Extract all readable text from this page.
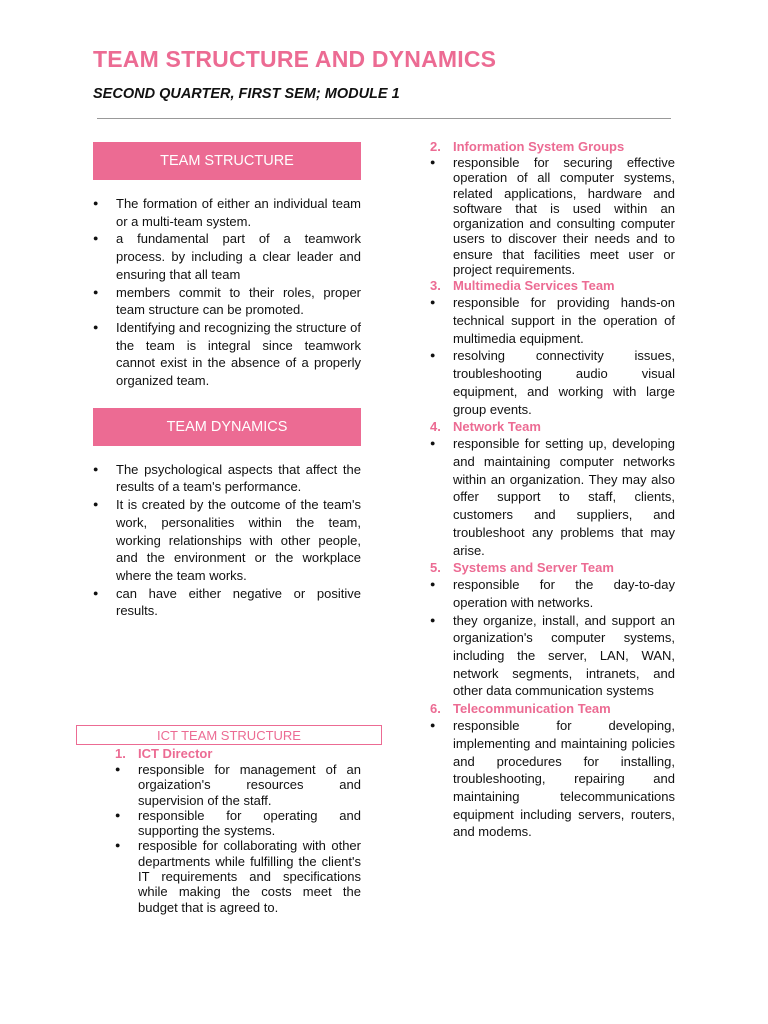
TEAM STRUCTURE AND DYNAMICS

SECOND QUARTER, FIRST SEM; MODULE 1

TEAM STRUCTURE
● The formation of either an individual team or a multi-team system.
● a fundamental part of a teamwork process. by including a clear leader and ensuring that all team
● members commit to their roles, proper team structure can be promoted.
● Identifying and recognizing the structure of the team is integral since teamwork cannot exist in the absence of a properly organized team.
TEAM DYNAMICS
● The psychological aspects that affect the results of a team's performance.
● It is created by the outcome of the team's work, personalities within the team, working relationships with other people, and the environment or the workplace where the team works.
● can have either negative or positive results.
ICT TEAM STRUCTURE
1. ICT Director
● responsible for management of an orgaization's resources and supervision of the staff.
● responsible for operating and supporting the systems.
● resposible for collaborating with other departments while fulfilling the client's IT requirements and specifications while making the costs meet the budget that is agreed to.
2. Information System Groups
● responsible for securing effective operation of all computer systems, related applications, hardware and software that is used within an organization and consulting computer users to discover their needs and to ensure that facilities meet user or project requirements.
3. Multimedia Services Team
● responsible for providing hands-on technical support in the operation of multimedia equipment.
● resolving connectivity issues, troubleshooting audio visual equipment, and working with large group events.
4. Network Team
● responsible for setting up, developing and maintaining computer networks within an organization. They may also offer support to staff, clients, customers and suppliers, and troubleshoot any problems that may arise.
5. Systems and Server Team
● responsible for the day-to-day operation with networks.
● they organize, install, and support an organization's computer systems, including the server, LAN, WAN, network segments, intranets, and other data communication systems
6. Telecommunication Team
● responsible for developing, implementing and maintaining policies and procedures for installing, troubleshooting, repairing and maintaining telecommunications equipment including servers, routers, and modems.
